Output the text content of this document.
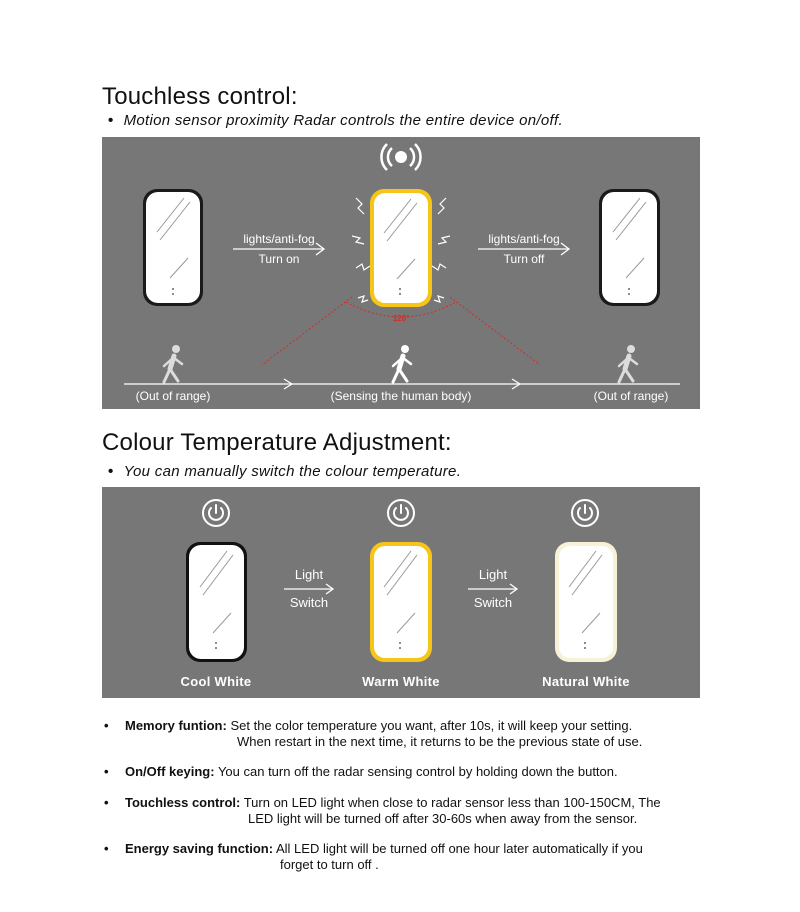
Touchless control:
• Motion sensor proximity Radar controls the entire device on/off.
lights/anti-fog
Turn on
lights/anti-fog
Turn off
120°
(Out of range)	(Sensing the human body)	(Out of range)
Colour Temperature Adjustment:
• You can manually switch the colour temperature.
Light
Switch
Light
Switch
Cool White	Warm White	Natural White
• Memory funtion: Set the color temperature you want, after 10s, it will keep your setting.
When restart in the next time, it returns to be the previous state of use.
• On/Off keying: You can turn off the radar sensing control by holding down the button.
• Touchless control: Turn on LED light when close to radar sensor less than 100-150CM, The
LED light will be turned off after 30-60s when away from the sensor.
• Energy saving function: All LED light will be turned off one hour later automatically if you
forget to turn off .
